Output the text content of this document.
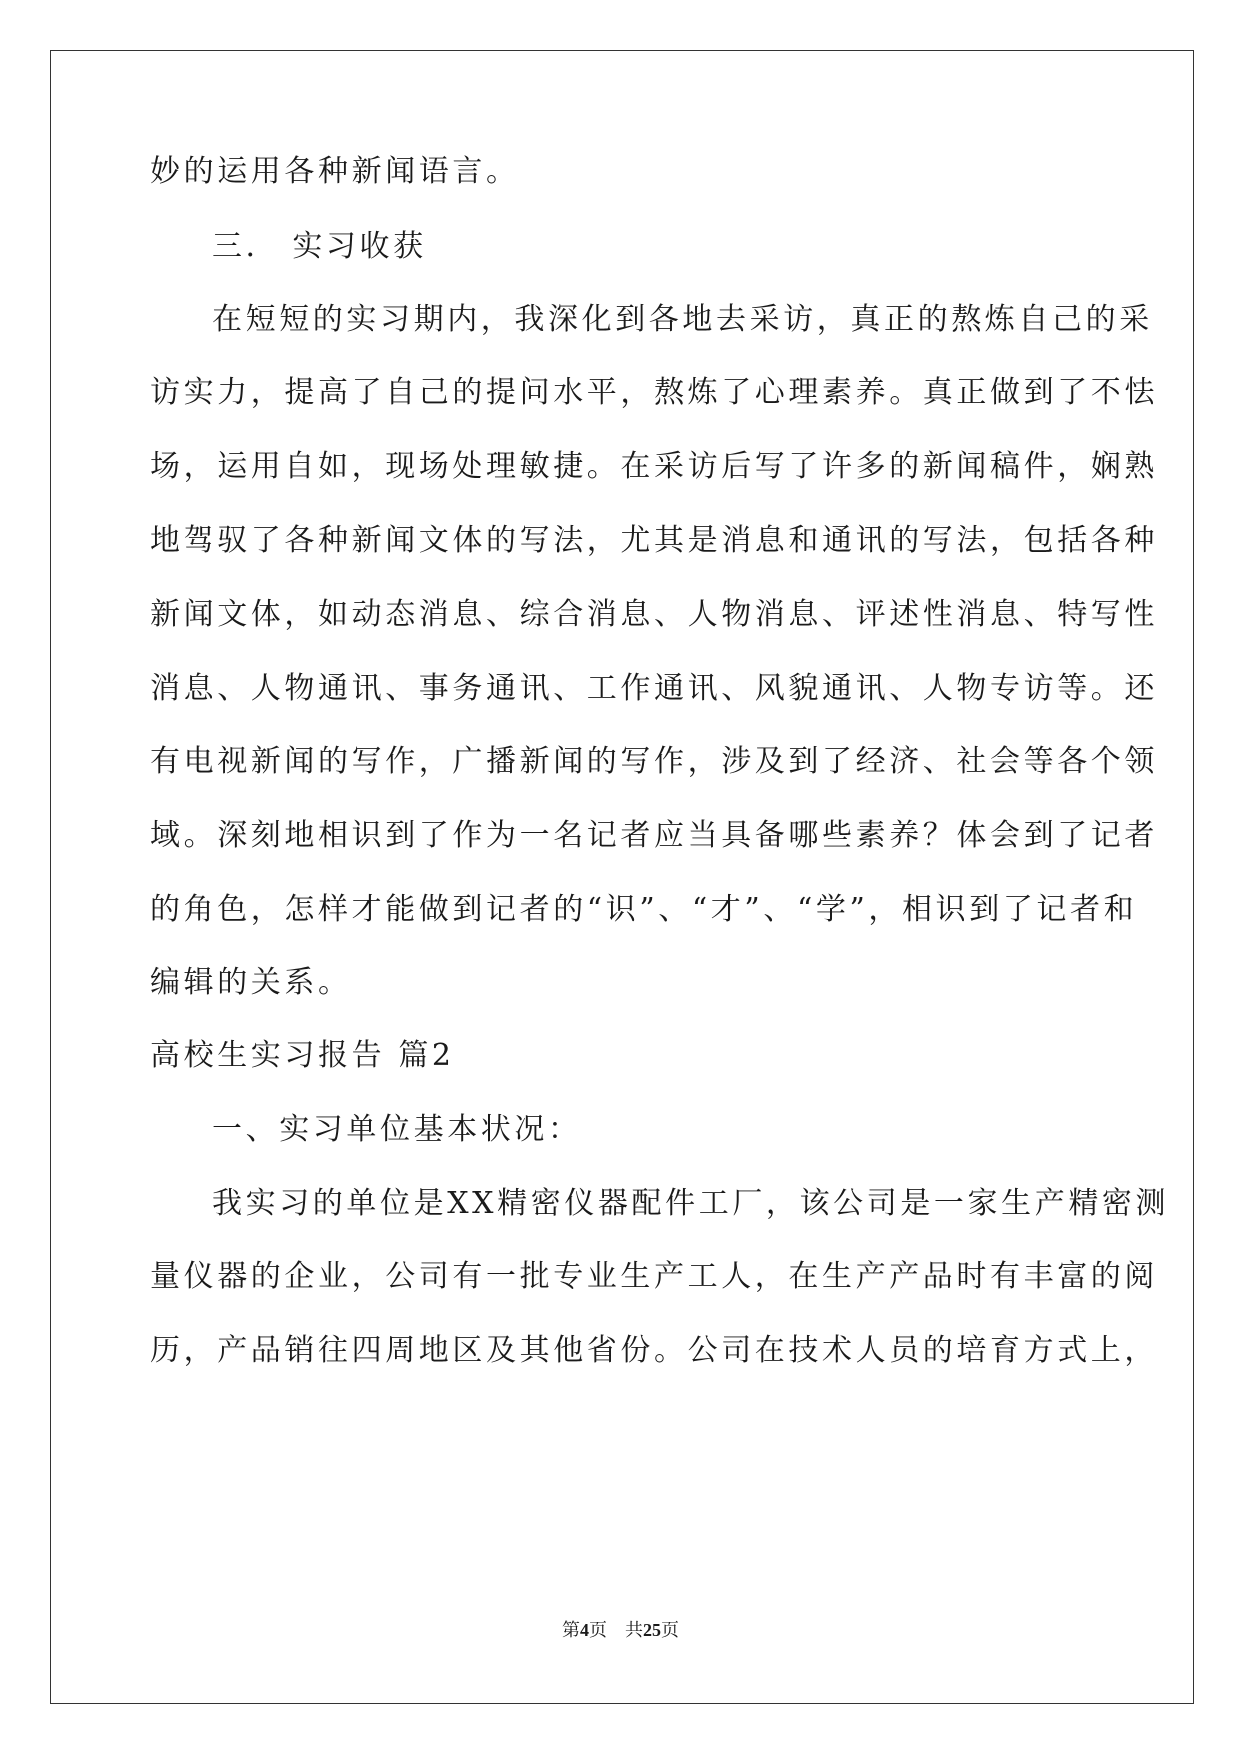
妙的运用各种新闻语言。
三． 实习收获
在短短的实习期内，我深化到各地去采访，真正的熬炼自己的采
访实力，提高了自己的提问水平，熬炼了心理素养。真正做到了不怯
场，运用自如，现场处理敏捷。在采访后写了许多的新闻稿件，娴熟
地驾驭了各种新闻文体的写法，尤其是消息和通讯的写法，包括各种
新闻文体，如动态消息、综合消息、人物消息、评述性消息、特写性
消息、人物通讯、事务通讯、工作通讯、风貌通讯、人物专访等。还
有电视新闻的写作，广播新闻的写作，涉及到了经济、社会等各个领
域。深刻地相识到了作为一名记者应当具备哪些素养？体会到了记者
的角色，怎样才能做到记者的“识”、“才”、“学”，相识到了记者和
编辑的关系。
高校生实习报告 篇2
一、实习单位基本状况：
我实习的单位是XX精密仪器配件工厂，该公司是一家生产精密测
量仪器的企业，公司有一批专业生产工人，在生产产品时有丰富的阅
历，产品销往四周地区及其他省份。公司在技术人员的培育方式上，
第4页 共25页
